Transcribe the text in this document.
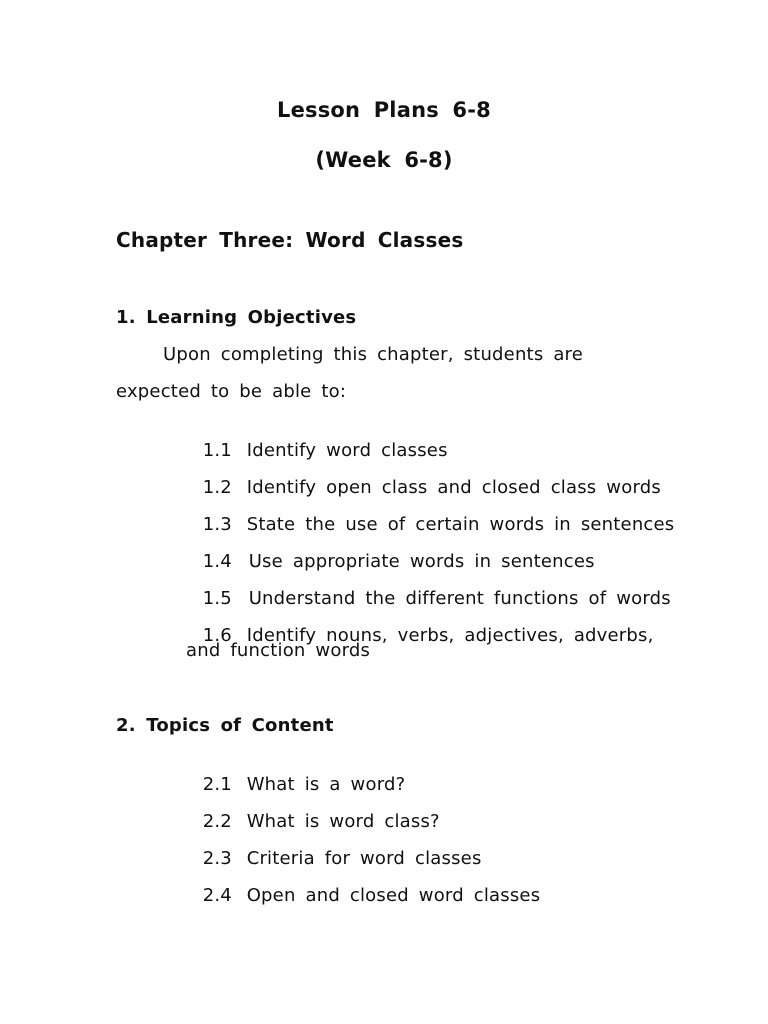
Lesson Plans 6-8
(Week 6-8)
Chapter Three: Word Classes
1. Learning Objectives
Upon completing this chapter, students are
expected to be able to:

1.1 Identify word classes

1.2 Identify open class and closed class words

1.3 State the use of certain words in sentences

1.4 Use appropriate words in sentences

1.5 Understand the different functions of words

1.6 Identify nouns, verbs, adjectives, adverbs,

and function words
2. Topics of Content

2.1 What is a word?

2.2 What is word class?

2.3 Criteria for word classes

2.4 Open and closed word classes
